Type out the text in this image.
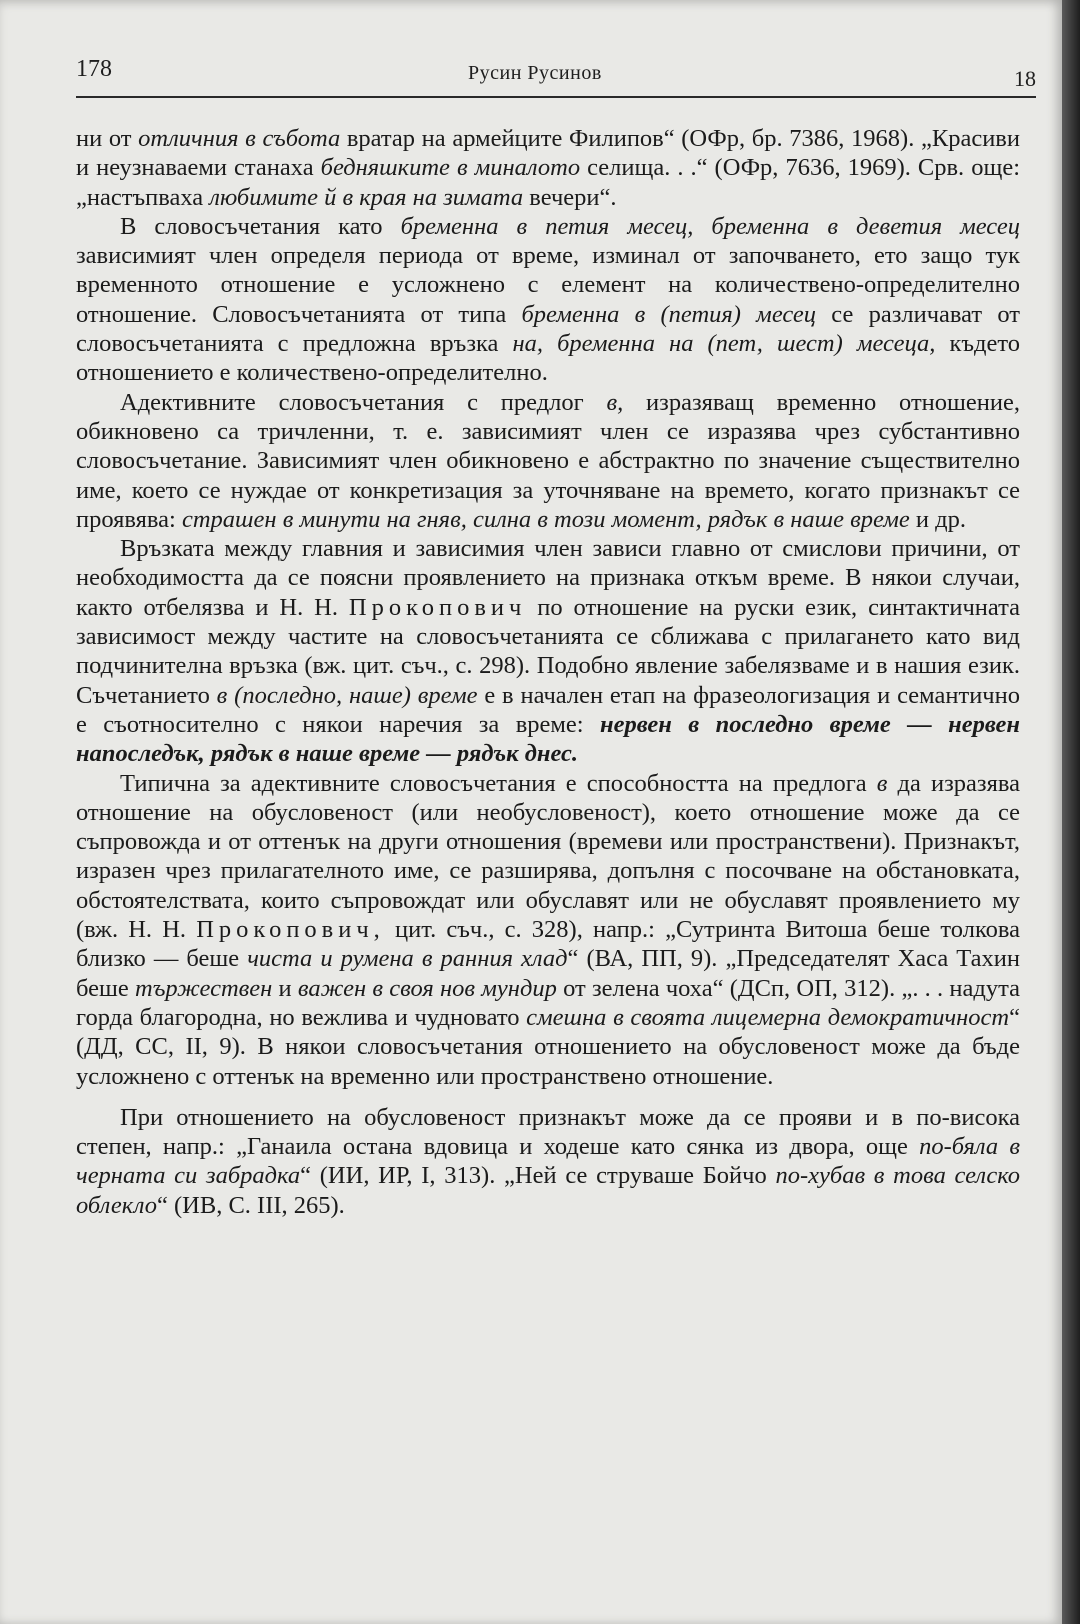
178	Русин Русинов	18

ни от отличния в събота вратар на армейците Филипов“ (ОФр, бр. 7386, 1968). „Красиви и неузнаваеми станаха бедняшките в миналото селища. . .“ (ОФр, 7636, 1969). Срв. още: „настъпваха любимите й в края на зимата вечери“.

В словосъчетания като бременна в петия месец, бременна в деветия месец зависимият член определя периода от време, изминал от започването, ето защо тук временното отношение е усложнено с елемент на количествено-определително отношение. Словосъчетанията от типа бременна в (петия) месец се различават от словосъчетанията с предложна връзка на, бременна на (пет, шест) месеца, където отношението е количествено-определително.

Адективните словосъчетания с предлог в, изразяващ временно отношение, обикновено са тричленни, т. е. зависимият член се изразява чрез субстантивно словосъчетание. Зависимият член обикновено е абстрактно по значение съществително име, което се нуждае от конкретизация за уточняване на времето, когато признакът се проявява: страшен в минути на гняв, силна в този момент, рядък в наше време и др.

Връзката между главния и зависимия член зависи главно от смислови причини, от необходимостта да се поясни проявлението на признака откъм време. В някои случаи, както отбелязва и Н. Н. Прокопович по отношение на руски език, синтактичната зависимост между частите на словосъчетанията се сближава с прилагането като вид подчинителна връзка (вж. цит. съч., с. 298). Подобно явление забелязваме и в нашия език. Съчетанието в (последно, наше) време е в начален етап на фразеологизация и семантично е съотносително с някои наречия за време: нервен в последно време — нервен напоследък, рядък в наше време — рядък днес.

Типична за адективните словосъчетания е способността на предлога в да изразява отношение на обусловеност (или необусловеност), което отношение може да се съпровожда и от оттенък на други отношения (времеви или пространствени). Признакът, изразен чрез прилагателното име, се разширява, допълня с посочване на обстановката, обстоятелствата, които съпровождат или обуславят или не обуславят проявлението му (вж. Н. Н. Прокопович, цит. съч., с. 328), напр.: „Сутринта Витоша беше толкова близко — беше чиста и румена в ранния хлад“ (ВА, ПП, 9). „Председателят Хаса Тахин беше тържествен и важен в своя нов мундир от зелена чоха“ (ДСп, ОП, 312). „. . . надута горда благородна, но вежлива и чудновато смешна в своята лицемерна демократичност“ (ДД, СС, II, 9). В някои словосъчетания отношението на обусловеност може да бъде усложнено с оттенък на временно или пространствено отношение.

При отношението на обусловеност признакът може да се прояви и в по-висока степен, напр.: „Ганаила остана вдовица и ходеше като сянка из двора, още по-бяла в черната си забрадка“ (ИИ, ИР, I, 313). „Ней се струваше Бойчо по-хубав в това селско облекло“ (ИВ, С. III, 265).
